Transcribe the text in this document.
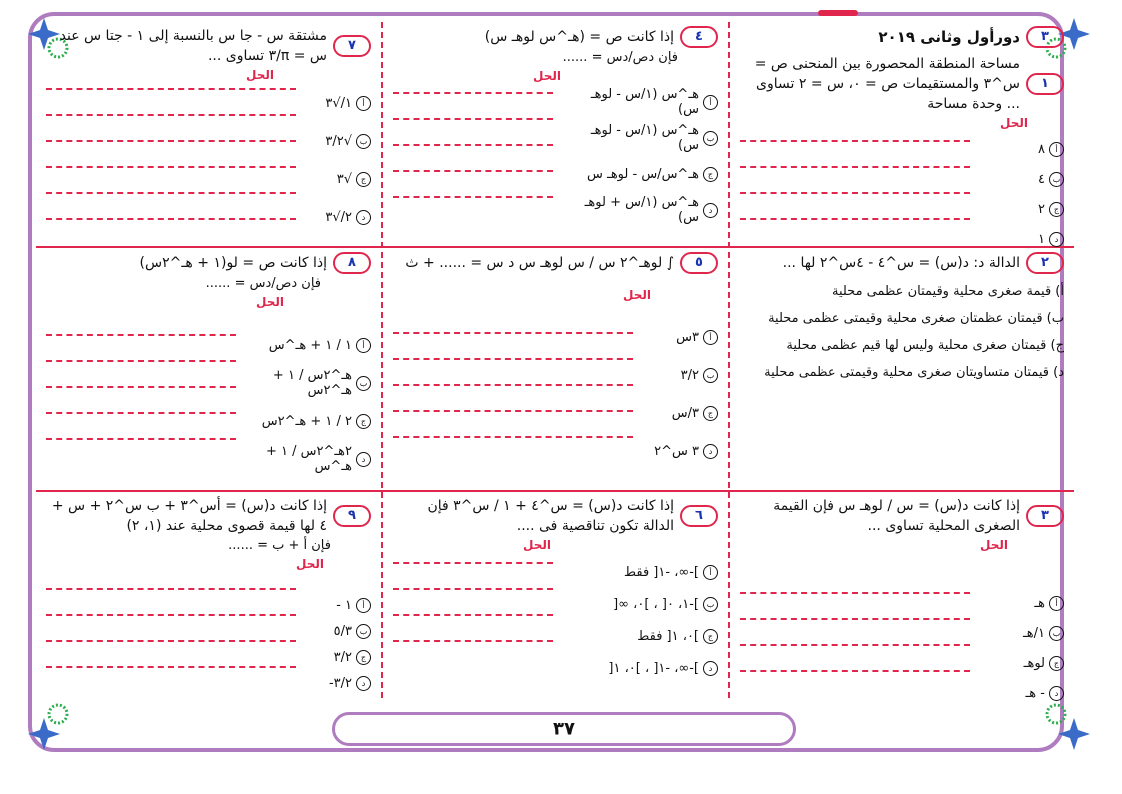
٣
دورأول وثانى ٢٠١٩
١
مساحة المنطقة المحصورة بين المنحنى ص = س^٣ والمستقيمات ص = ٠، س = ٢ تساوى ... وحدة مساحة
الحل
أ
٨
ب
٤
ج
٢
د
١
٢
الدالة د: د(س) = س^٤ - ٤س^٢ لها ...
أ) قيمة صغرى محلية وقيمتان عظمى محلية
ب) قيمتان عظمتان صغرى محلية وقيمتى عظمى محلية
ج) قيمتان صغرى محلية وليس لها قيم عظمى محلية
د) قيمتان متساويتان صغرى محلية وقيمتى عظمى محلية
٣
إذا كانت د(س) = س / لوهـ س فإن القيمة الصغرى المحلية تساوى ...
الحل
أ
هـ
ب
١/هـ
ج
لوهـ
د
- هـ
٤
إذا كانت ص = (هـ^س لوهـ س)
فإن دص/دس = ......
الحل
أ
هـ^س (١/س - لوهـ س)
ب
هـ^س (١/س - لوهـ س)
ج
هـ^س/س - لوهـ س
د
هـ^س (١/س + لوهـ س)
٥
∫ لوهـ^٢ س / س لوهـ س د س = ...... + ث
الحل
أ
٣س
ب
٣/٢
ج
٣/س
د
٣ س^٢
٦
إذا كانت د(س) = س^٤ + ١ / س^٣ فإن الدالة تكون تناقصية فى ....
الحل
أ
]-∞، -١[ فقط
ب
]-١، ٠[ ، ]٠، ∞[
ج
]٠، ١[ فقط
د
]-∞، -١[ ، ]٠، ١[
٧
مشتقة س - جا س بالنسبة إلى ١ - جتا س عند س = π/٣ تساوى ...
الحل
أ
١/√٣
ب
√٣/٢
ج
√٣
د
٢/√٣
٨
إذا كانت ص = لو(١ + هـ^٢س)
فإن دص/دس = ......
الحل
أ
١ / ١ + هـ^س
ب
هـ^٢س / ١ + هـ^٢س
ج
٢ / ١ + هـ^٢س
د
٢هـ^٢س / ١ + هـ^س
٩
إذا كانت د(س) = أس^٣ + ب س^٢ + س + ٤ لها قيمة قصوى محلية عند (١، ٢)
فإن أ + ب = ......
الحل
أ
١ -
ب
٥/٣
ج
٣/٢
د
٣/٢-
٣٧
